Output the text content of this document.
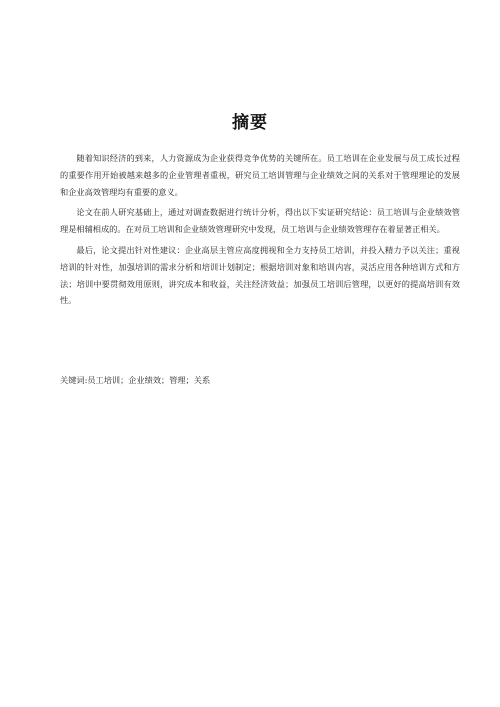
摘要

随着知识经济的到来，人力资源成为企业获得竞争优势的关键所在。员工培训在企业发展与员工成长过程的重要作用开始被越来越多的企业管理者重视，研究员工培训管理与企业绩效之间的关系对于管理理论的发展和企业高效管理均有重要的意义。

论文在前人研究基础上，通过对调查数据进行统计分析，得出以下实证研究结论：员工培训与企业绩效管理是相辅相成的。在对员工培训和企业绩效管理研究中发现，员工培训与企业绩效管理存在着显著正相关。

最后，论文提出针对性建议：企业高层主管应高度拥视和全力支持员工培训，并投入精力予以关注；重视培训的针对性，加强培训的需求分析和培训计划制定；根据培训对象和培训内容，灵活应用各种培训方式和方法；培训中要贯彻效用原则，讲究成本和收益，关注经济效益；加强员工培训后管理，以更好的提高培训有效性。

关键词:员工培训；企业绩效；管理；关系
